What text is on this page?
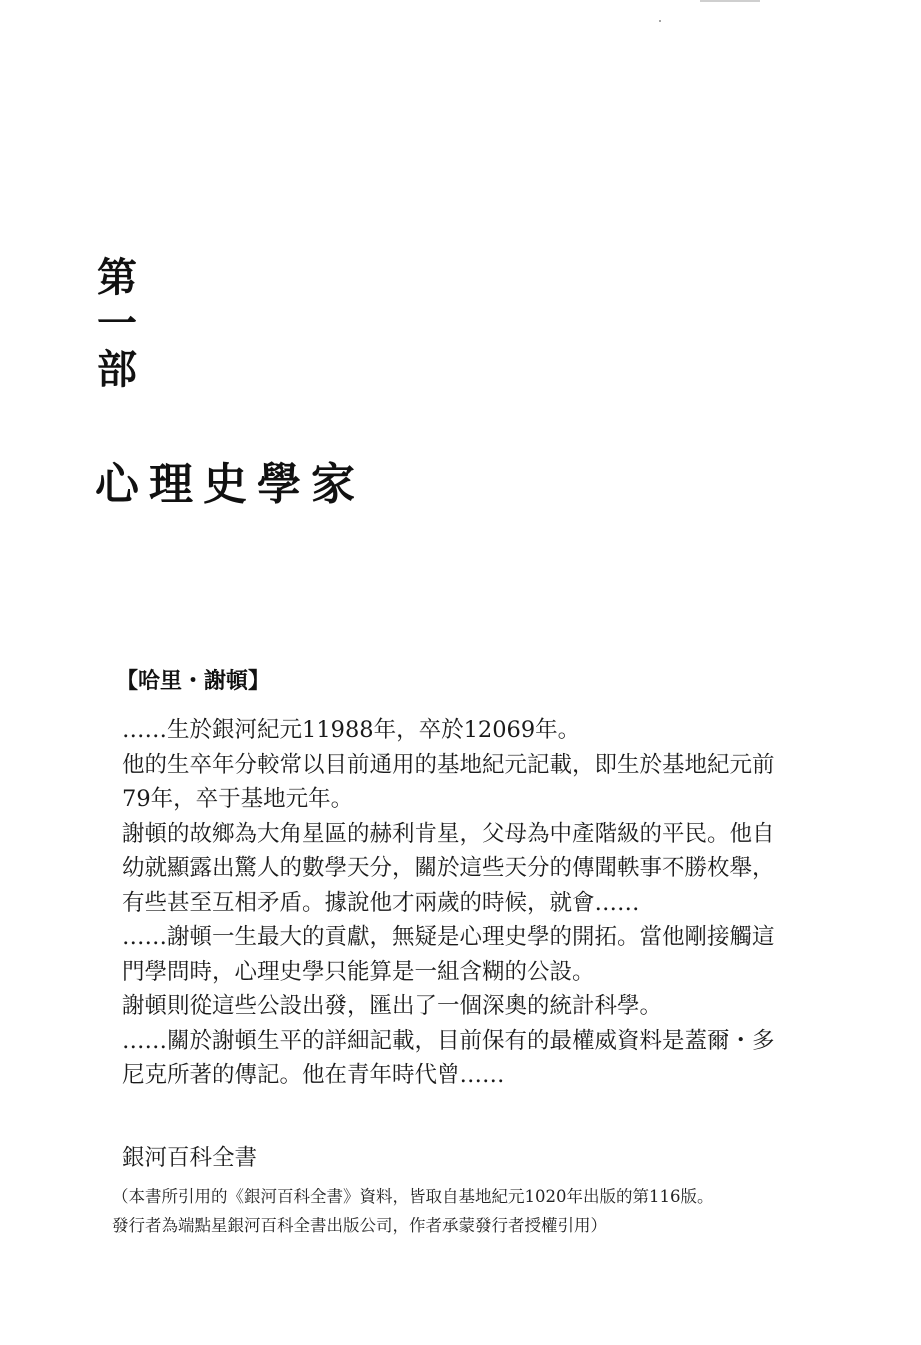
第
一
部
心理史學家
【哈里・謝頓】
……生於銀河紀元11988年，卒於12069年。
他的生卒年分較常以目前通用的基地紀元記載，即生於基地紀元前
79年，卒于基地元年。
謝頓的故鄉為大角星區的赫利肯星，父母為中產階級的平民。他自
幼就顯露出驚人的數學天分，關於這些天分的傳聞軼事不勝枚舉，
有些甚至互相矛盾。據說他才兩歲的時候，就會……
……謝頓一生最大的貢獻，無疑是心理史學的開拓。當他剛接觸這
門學問時，心理史學只能算是一組含糊的公設。
謝頓則從這些公設出發，匯出了一個深奧的統計科學。
……關於謝頓生平的詳細記載，目前保有的最權威資料是蓋爾・多
尼克所著的傳記。他在青年時代曾……
銀河百科全書
（本書所引用的《銀河百科全書》資料，皆取自基地紀元1020年出版的第116版。
發行者為端點星銀河百科全書出版公司，作者承蒙發行者授權引用）
